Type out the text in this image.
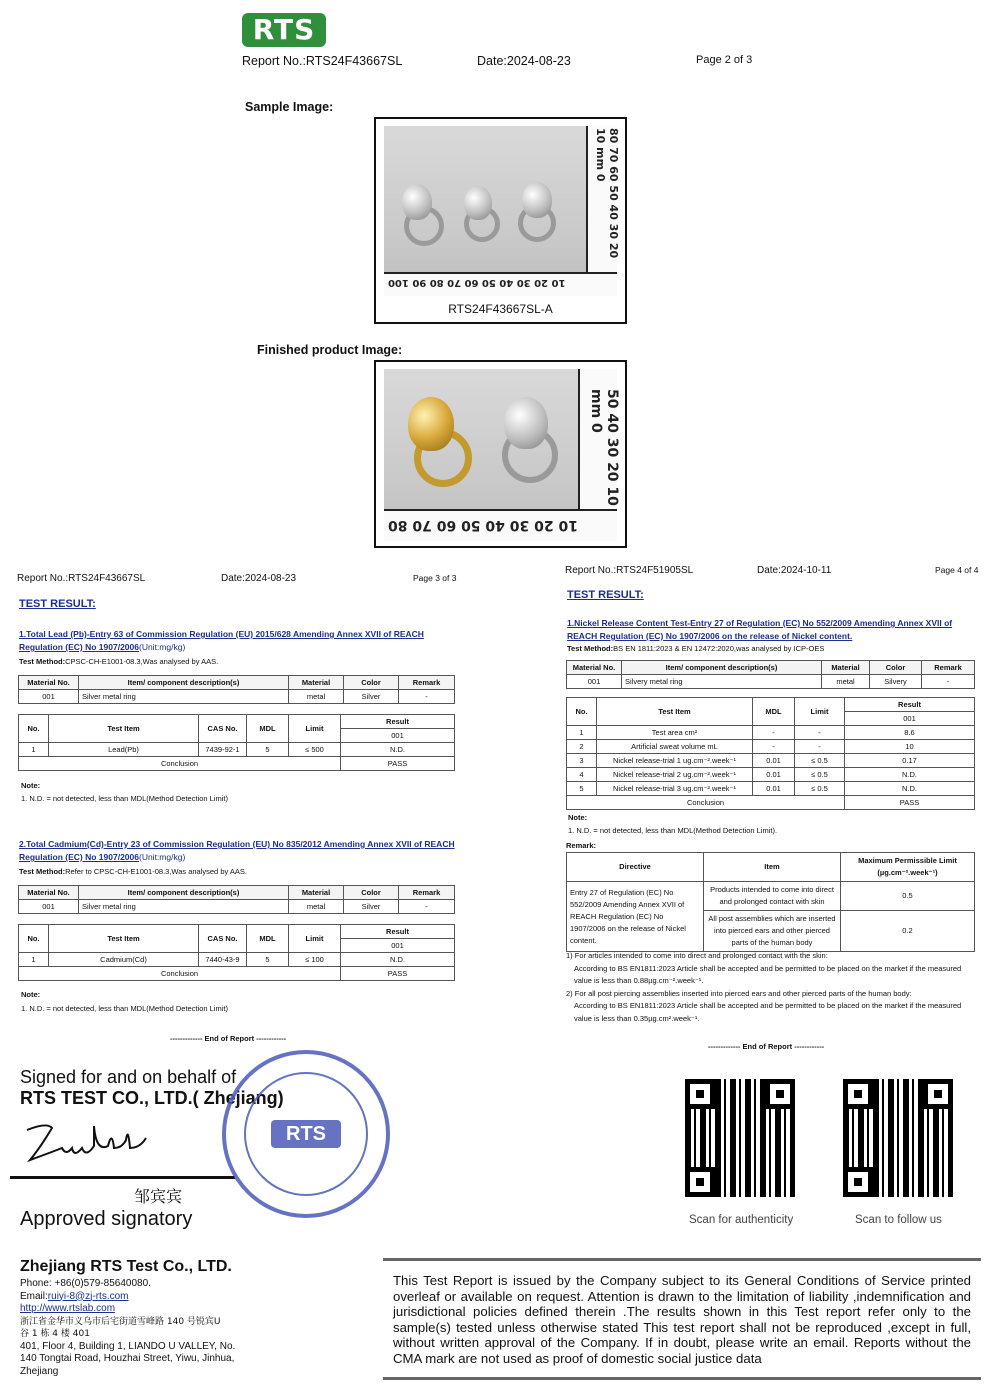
RTS
Report No.:RTS24F43667SL	Date:2024-08-23	Page 2 of 3
Sample Image:
80 70 60 50 40 30 20 10 mm 0
10 20 30 40 50 60 70 80 90 100
RTS24F43667SL-A
Finished product Image:
50 40 30 20 10 mm 0
10 20 30 40 50 60 70 80
Report No.:RTS24F43667SL	Date:2024-08-23	Page 3 of 3
TEST RESULT:
1.Total Lead (Pb)-Entry 63 of Commission Regulation (EU) 2015/628 Amending Annex XVII of REACH Regulation (EC) No 1907/2006(Unit:mg/kg)
Test Method:CPSC-CH-E1001-08.3,Was analysed by AAS.
Material No.	Item/ component description(s)	Material	Color	Remark
001	Silver metal ring	metal	Silver	-
No.	Test Item	CAS No.	MDL	Limit	Result
					001
1	Lead(Pb)	7439-92-1	5	≤ 500	N.D.
Conclusion					PASS
Note:
1. N.D. = not detected, less than MDL(Method Detection Limit)
2.Total Cadmium(Cd)-Entry 23 of Commission Regulation (EU) No 835/2012 Amending Annex XVII of REACH Regulation (EC) No 1907/2006(Unit:mg/kg)
Test Method:Refer to CPSC-CH-E1001-08.3,Was analysed by AAS.
Material No.	Item/ component description(s)	Material	Color	Remark
001	Silver metal ring	metal	Silver	-
No.	Test Item	CAS No.	MDL	Limit	Result
					001
1	Cadmium(Cd)	7440-43-9	5	≤ 100	N.D.
Conclusion					PASS
Note:
1. N.D. = not detected, less than MDL(Method Detection Limit)
------------- End of Report ------------
Report No.:RTS24F51905SL	Date:2024-10-11	Page 4 of 4
TEST RESULT:
1.Nickel Release Content Test-Entry 27 of Regulation (EC) No 552/2009 Amending Annex XVII of REACH Regulation (EC) No 1907/2006 on the release of Nickel content.
Test Method:BS EN 1811:2023 & EN 12472:2020,was analysed by ICP-OES
Material No.	Item/ component description(s)	Material	Color	Remark
001	Silvery metal ring	metal	Silvery	-
No.	Test Item	MDL	Limit	Result
				001
1	Test area cm²	-	-	8.6
2	Artificial sweat volume mL	-	-	10
3	Nickel release-trial 1 ug.cm⁻².week⁻¹	0.01	≤ 0.5	0.17
4	Nickel release-trial 2 ug.cm⁻².week⁻¹	0.01	≤ 0.5	N.D.
5	Nickel release-trial 3 ug.cm⁻².week⁻¹	0.01	≤ 0.5	N.D.
Conclusion				PASS
Note:
1. N.D. = not detected, less than MDL(Method Detection Limit).
Remark:
Directive	Item	Maximum Permissible Limit (µg.cm⁻².week⁻¹)
Entry 27 of Regulation (EC) No 552/2009 Amending Annex XVII of REACH Regulation (EC) No 1907/2006 on the release of Nickel content.	Products intended to come into direct and prolonged contact with skin	0.5
	All post assemblies which are inserted into pierced ears and other pierced parts of the human body	0.2
1) For articles intended to come into direct and prolonged contact with the skin:
According to BS EN1811:2023 Article shall be accepted and be permitted to be placed on the market if the measured value is less than 0.88µg.cm⁻².week⁻¹.
2) For all post piercing assemblies inserted into pierced ears and other pierced parts of the human body:
According to BS EN1811:2023 Article shall be accepted and be permitted to be placed on the market if the measured value is less than 0.35µg.cm².week⁻¹.
------------- End of Report ------------
Signed for and on behalf of
RTS TEST CO., LTD.( Zhejiang)
邹宾宾
Approved signatory
RTS
Scan for authenticity	Scan to follow us
Zhejiang RTS Test Co., LTD.
Phone: +86(0)579-85640080.
Email:ruiyi-8@zj-rts.com
http://www.rtslab.com
浙江省金华市义乌市后宅街道雪峰路 140 号锐宾U
谷 1 栋 4 楼 401
401, Floor 4, Building 1, LIANDO U VALLEY, No.
140 Tongtai Road, Houzhai Street, Yiwu, Jinhua,
Zhejiang
This Test Report is issued by the Company subject to its General Conditions of Service printed overleaf or available on request. Attention is drawn to the limitation of liability ,indemnification and jurisdictional policies defined therein .The results shown in this Test report refer only to the sample(s) tested unless otherwise stated This test report shall not be reproduced ,except in full, without written approval of the Company. If in doubt, please write an email. Reports without the CMA mark are not used as proof of domestic social justice data
